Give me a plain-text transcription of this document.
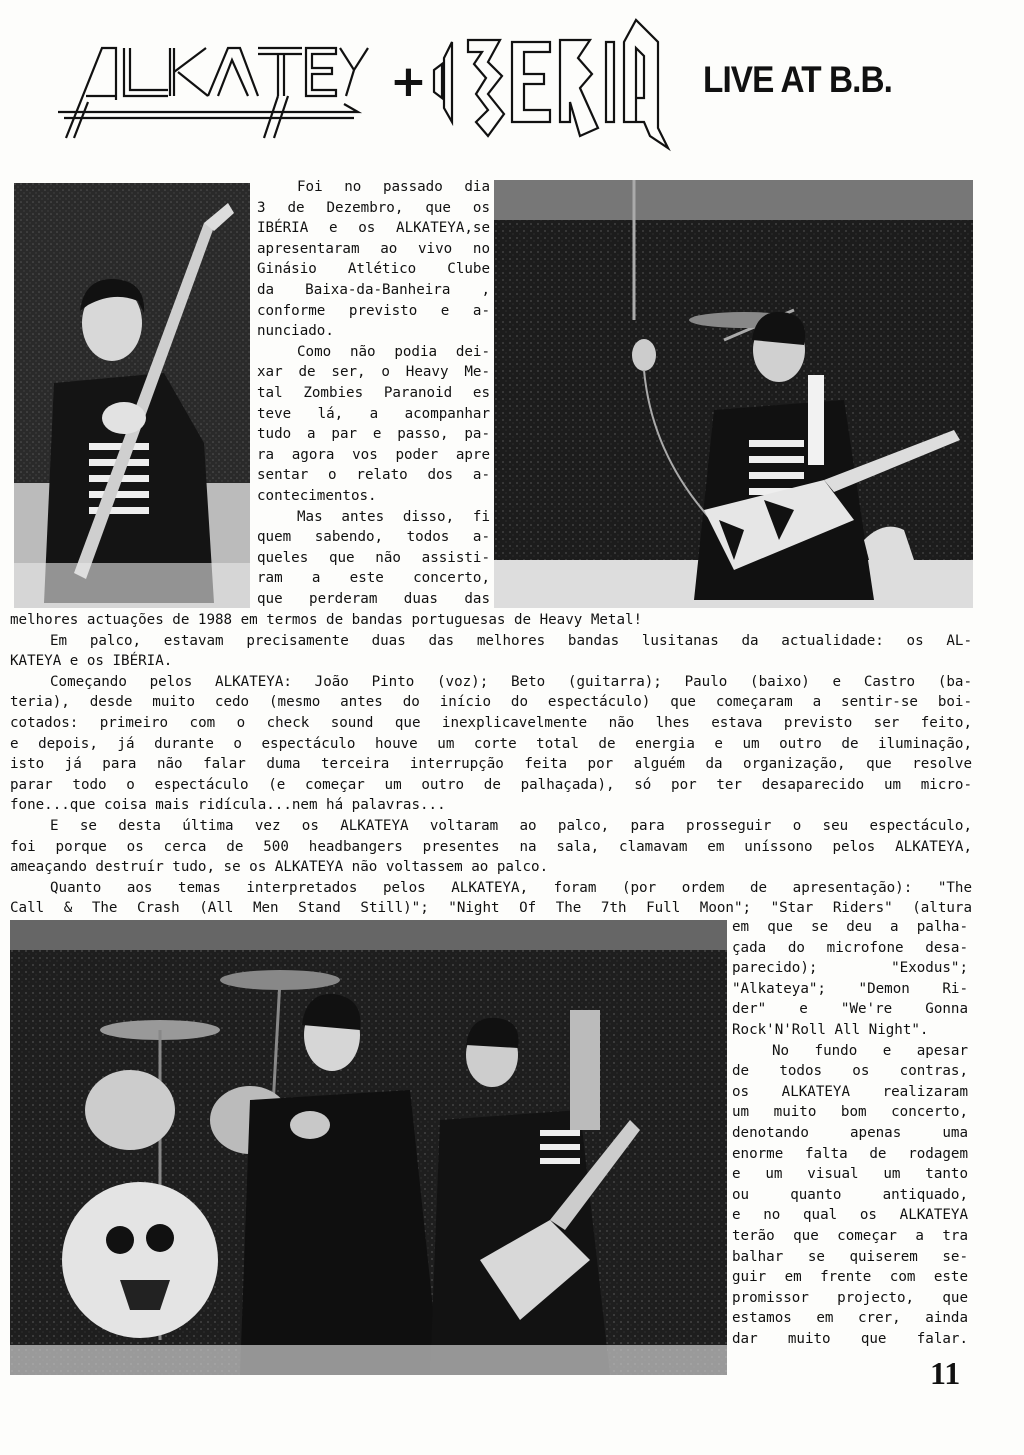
ALKATEYA
+
IBÉRIA
LIVE AT B.B.
Foi no passado dia
3 de Dezembro, que os
IBÉRIA e os ALKATEYA,se
apresentaram ao vivo no
Ginásio Atlético Clube
da Baixa-da-Banheira ,
conforme previsto e a-
nunciado.
Como não podia dei-
xar de ser, o Heavy Me-
tal Zombies Paranoid es
teve lá, a acompanhar
tudo a par e passo, pa-
ra agora vos poder apre
sentar o relato dos a-
contecimentos.
Mas antes disso, fi
quem sabendo, todos a-
queles que não assisti-
ram a este concerto,
que perderam duas das
melhores actuações de 1988 em termos de bandas portuguesas de Heavy Metal!
Em palco, estavam precisamente duas das melhores bandas lusitanas da actualidade: os AL-
KATEYA e os IBÉRIA.
Começando pelos ALKATEYA: João Pinto (voz); Beto (guitarra); Paulo (baixo) e Castro (ba-
teria), desde muito cedo (mesmo antes do início do espectáculo) que começaram a sentir-se boi-
cotados: primeiro com o check sound que inexplicavelmente não lhes estava previsto ser feito,
e depois, já durante o espectáculo houve um corte total de energia e um outro de iluminação,
isto já para não falar duma terceira interrupção feita por alguém da organização, que resolve
parar todo o espectáculo (e começar um outro de palhaçada), só por ter desaparecido um micro-
fone...que coisa mais ridícula...nem há palavras...
E se desta última vez os ALKATEYA voltaram ao palco, para prosseguir o seu espectáculo,
foi porque os cerca de 500 headbangers presentes na sala, clamavam em uníssono pelos ALKATEYA,
ameaçando destruír tudo, se os ALKATEYA não voltassem ao palco.
Quanto aos temas interpretados pelos ALKATEYA, foram (por ordem de apresentação): "The
Call & The Crash (All Men Stand Still)"; "Night Of The 7th Full Moon"; "Star Riders" (altura
em que se deu a palha-
çada do microfone desa-
parecido); "Exodus";
"Alkateya"; "Demon Ri-
der" e "We're Gonna
Rock'N'Roll All Night".
No fundo e apesar
de todos os contras,
os ALKATEYA realizaram
um muito bom concerto,
denotando apenas uma
enorme falta de rodagem
e um visual um tanto
ou quanto antiquado,
e no qual os ALKATEYA
terão que começar a tra
balhar se quiserem se-
guir em frente com este
promissor projecto, que
estamos em crer, ainda
dar muito que falar.
11
